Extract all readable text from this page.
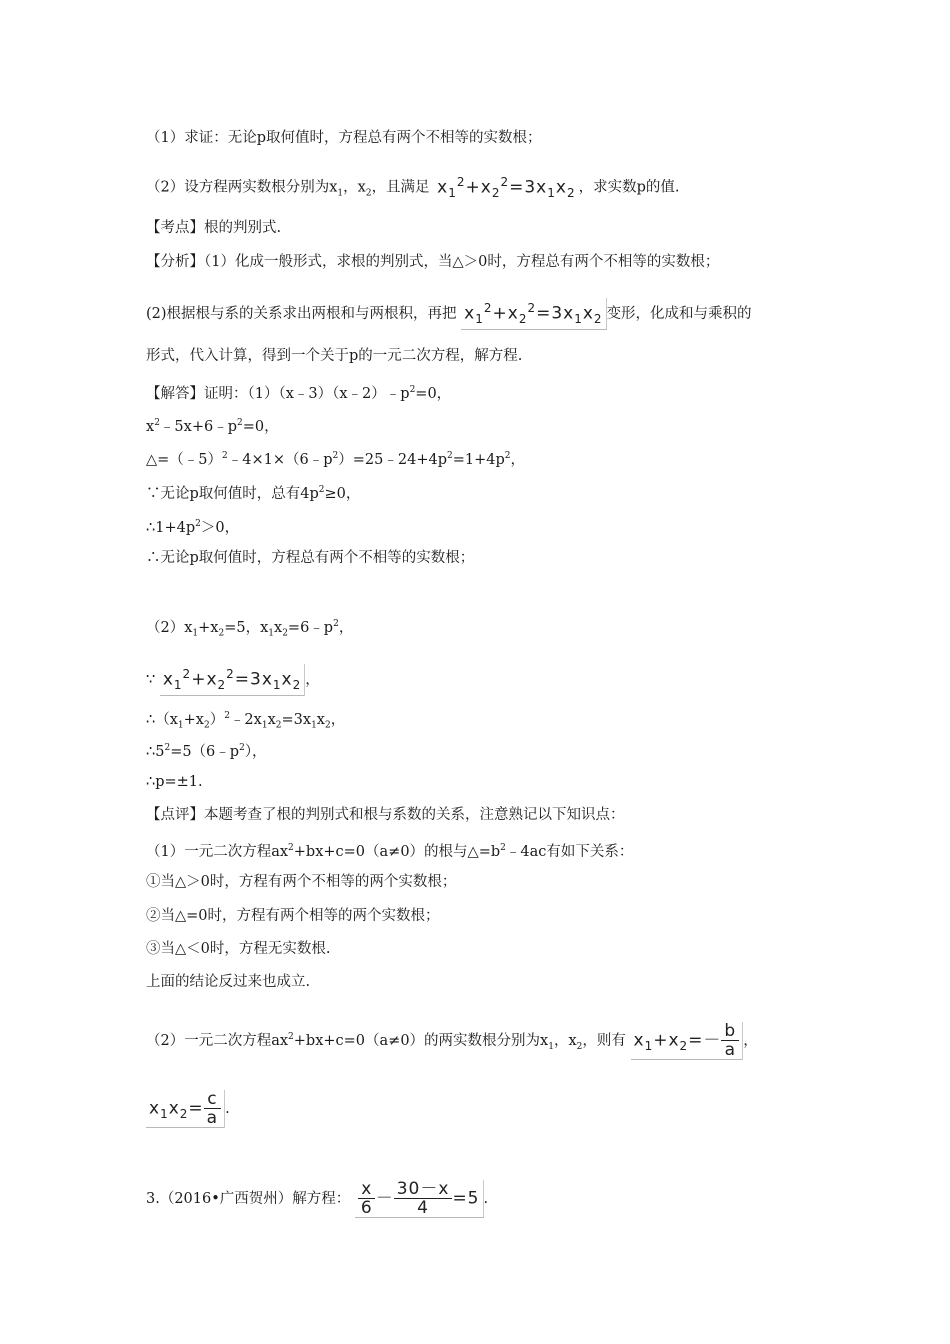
（1）求证：无论p取何值时，方程总有两个不相等的实数根；
（2）设方程两实数根分别为$x_1$，$x_2$，且满足 $x_1^2+x_2^2=3x_1x_2$ ，求实数p的值.
【考点】根的判别式.
【分析】（1）化成一般形式，求根的判别式，当△＞0时，方程总有两个不相等的实数根；
(2)根据根与系的关系求出两根和与两根积，再把 $x_1^2+x_2^2=3x_1x_2$ 变形，化成和与乘积的
形式，代入计算，得到一个关于p的一元二次方程，解方程.
【解答】证明：$(1)(x﹣3)(x﹣2)﹣p^2=0$，
$x^2﹣5x+6﹣p^2=0$，
$\triangle=(﹣5)^2﹣4\times 1\times(6﹣p^2)=25﹣24+4p^2=1+4p^2$，
∵无论p取何值时，总有$4p^2\ge 0$，
$\therefore 1+4p^2>0$，
∴无论p取何值时，方程总有两个不相等的实数根；
$(2)x_1+x_2=5$，$x_1x_2=6﹣p^2$，
∵ $x_1^2+x_2^2=3x_1x_2$ ，
$\therefore(x_1+x_2)^2﹣2x_1x_2=3x_1x_2$，
$\therefore 5^2=5(6﹣p^2)$，
∴p=±1.
【点评】本题考查了根的判别式和根与系数的关系，注意熟记以下知识点：
（1）一元二次方程$ax^2+bx+c=0(a\ne 0)$的根与$\triangle=b^2﹣4ac$有如下关系：
①当△＞0时，方程有两个不相等的两个实数根；
②当△=0时，方程有两个相等的两个实数根；
③当△＜0时，方程无实数根.
上面的结论反过来也成立.
（2）一元二次方程$ax^2+bx+c=0(a\ne 0)$的两实数根分别为$x_1$，$x_2$，则有 $x_1+x_2=- \frac{b}{a}$ ，
$x_1x_2= \frac{c}{a}$ .
3.（2016•广西贺州）解方程： $\frac{x}{6} - \frac{30-x}{4} =5$ .
